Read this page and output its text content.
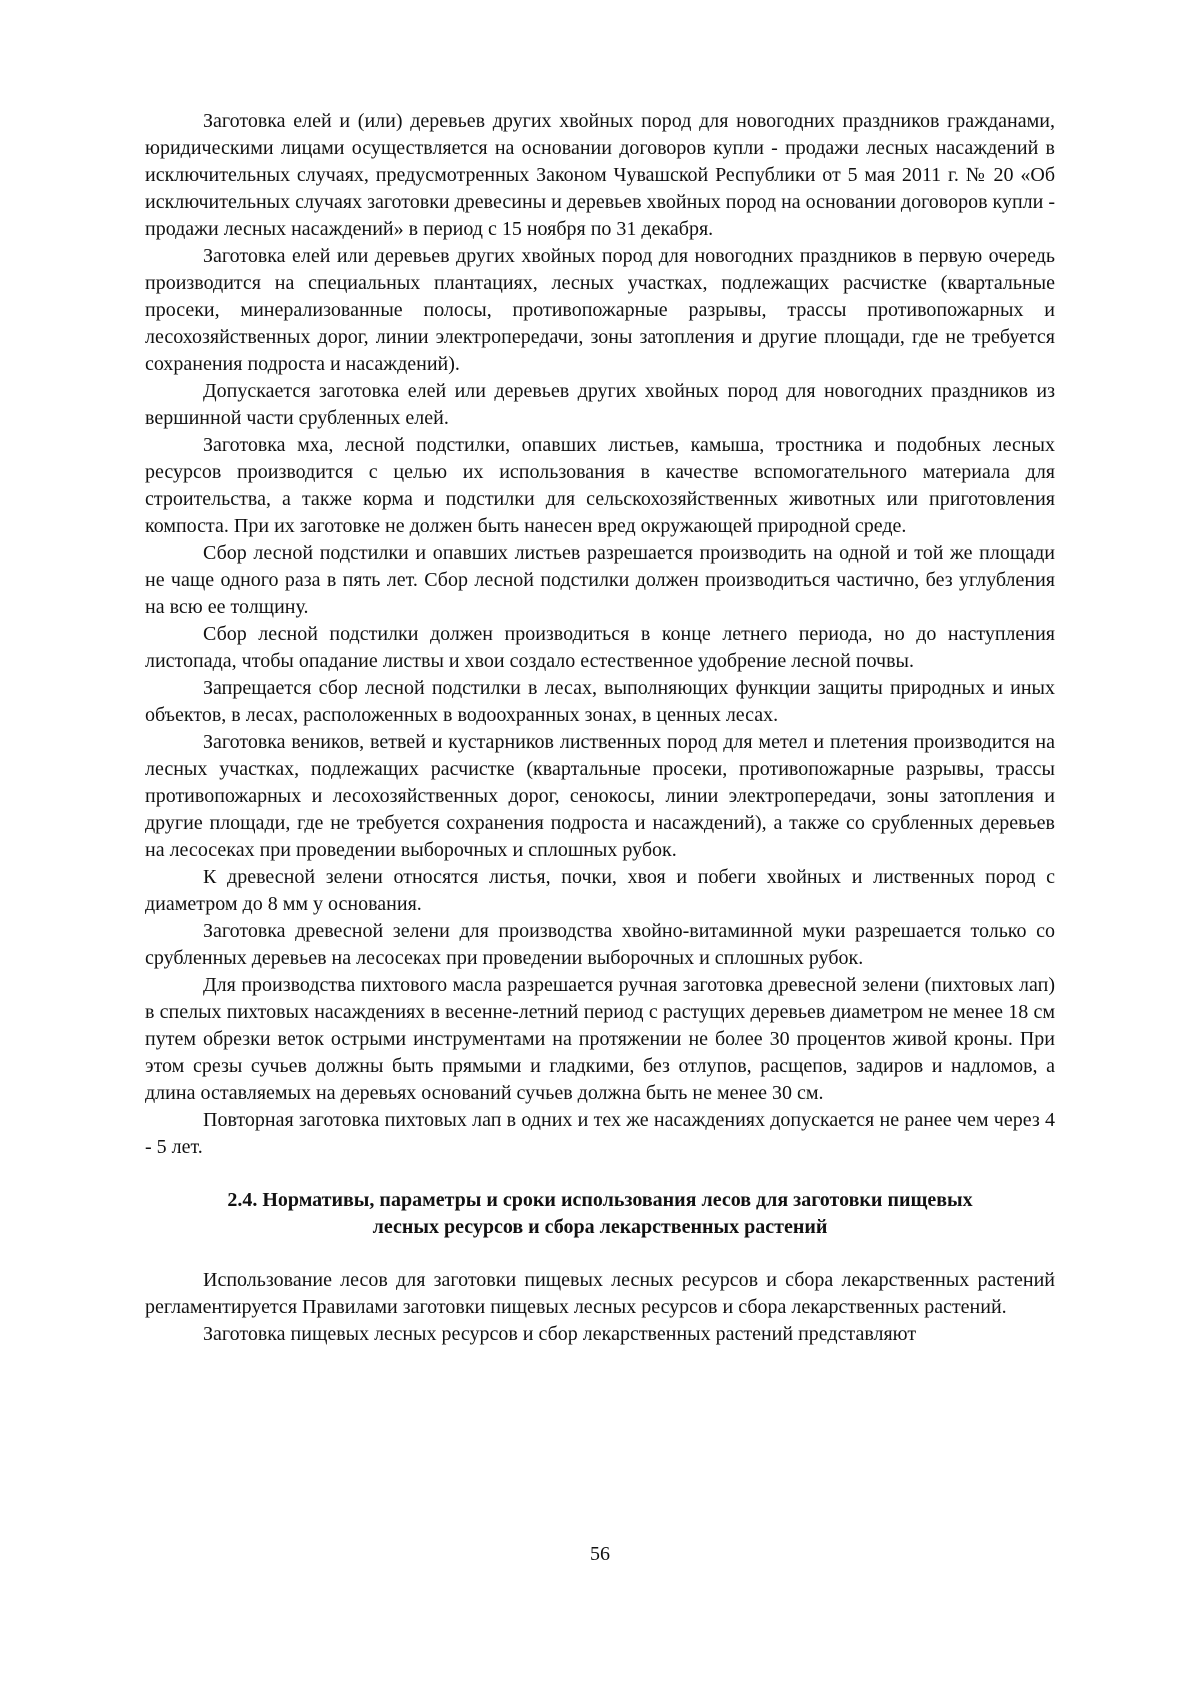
Заготовка елей и (или) деревьев других хвойных пород для новогодних праздников гражданами, юридическими лицами осуществляется на основании договоров купли - продажи лесных насаждений в исключительных случаях, предусмотренных Законом Чувашской Республики от 5 мая 2011 г. № 20 «Об исключительных случаях заготовки древесины и деревьев хвойных пород на основании договоров купли - продажи лесных насаждений» в период с 15 ноября по 31 декабря.

Заготовка елей или деревьев других хвойных пород для новогодних праздников в первую очередь производится на специальных плантациях, лесных участках, подлежащих расчистке (квартальные просеки, минерализованные полосы, противопожарные разрывы, трассы противопожарных и лесохозяйственных дорог, линии электропередачи, зоны затопления и другие площади, где не требуется сохранения подроста и насаждений).

Допускается заготовка елей или деревьев других хвойных пород для новогодних праздников из вершинной части срубленных елей.

Заготовка мха, лесной подстилки, опавших листьев, камыша, тростника и подобных лесных ресурсов производится с целью их использования в качестве вспомогательного материала для строительства, а также корма и подстилки для сельскохозяйственных животных или приготовления компоста. При их заготовке не должен быть нанесен вред окружающей природной среде.

Сбор лесной подстилки и опавших листьев разрешается производить на одной и той же площади не чаще одного раза в пять лет. Сбор лесной подстилки должен производиться частично, без углубления на всю ее толщину.

Сбор лесной подстилки должен производиться в конце летнего периода, но до наступления листопада, чтобы опадание листвы и хвои создало естественное удобрение лесной почвы.

Запрещается сбор лесной подстилки в лесах, выполняющих функции защиты природных и иных объектов, в лесах, расположенных в водоохранных зонах, в ценных лесах.

Заготовка веников, ветвей и кустарников лиственных пород для метел и плетения производится на лесных участках, подлежащих расчистке (квартальные просеки, противопожарные разрывы, трассы противопожарных и лесохозяйственных дорог, сенокосы, линии электропередачи, зоны затопления и другие площади, где не требуется сохранения подроста и насаждений), а также со срубленных деревьев на лесосеках при проведении выборочных и сплошных рубок.

К древесной зелени относятся листья, почки, хвоя и побеги хвойных и лиственных пород с диаметром до 8 мм у основания.

Заготовка древесной зелени для производства хвойно-витаминной муки разрешается только со срубленных деревьев на лесосеках при проведении выборочных и сплошных рубок.

Для производства пихтового масла разрешается ручная заготовка древесной зелени (пихтовых лап) в спелых пихтовых насаждениях в весенне-летний период с растущих деревьев диаметром не менее 18 см путем обрезки веток острыми инструментами на протяжении не более 30 процентов живой кроны. При этом срезы сучьев должны быть прямыми и гладкими, без отлупов, расщепов, задиров и надломов, а длина оставляемых на деревьях оснований сучьев должна быть не менее 30 см.

Повторная заготовка пихтовых лап в одних и тех же насаждениях допускается не ранее чем через 4 - 5 лет.

2.4. Нормативы, параметры и сроки использования лесов для заготовки пищевых
лесных ресурсов и сбора лекарственных растений

Использование лесов для заготовки пищевых лесных ресурсов и сбора лекарственных растений регламентируется Правилами заготовки пищевых лесных ресурсов и сбора лекарственных растений.

Заготовка пищевых лесных ресурсов и сбор лекарственных растений представляют

56
